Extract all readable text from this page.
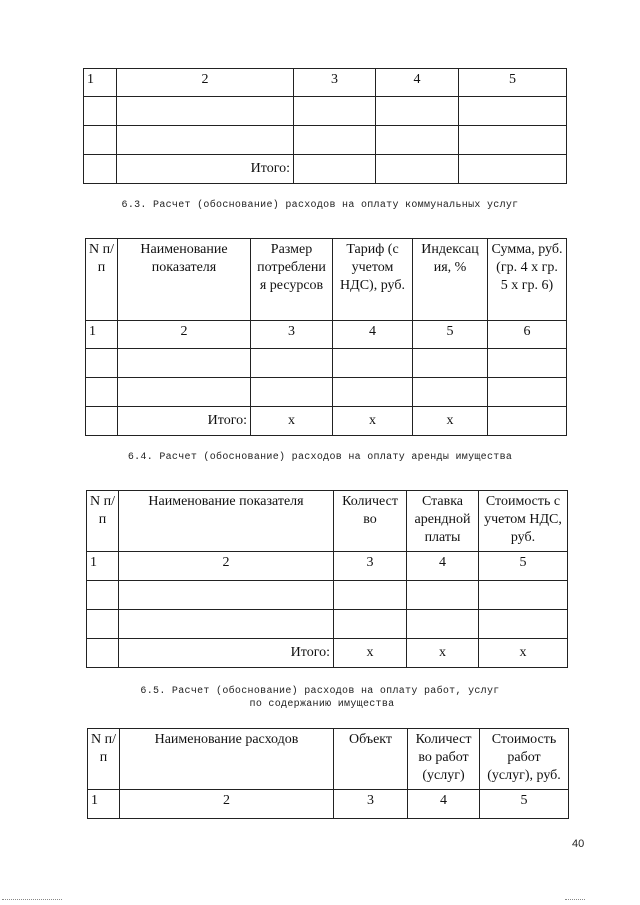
1	2	3	4	5

	Итого:			
6.3. Расчет (обоснование) расходов на оплату коммунальных услуг
N п/п	Наименование показателя	Размер потреблени я ресурсов	Тариф (с учетом НДС), руб.	Индексац ия, %	Сумма, руб. (гр. 4 х гр. 5 х гр. 6)
1	2	3	4	5	6

	Итого:	x	x	x	
6.4. Расчет (обоснование) расходов на оплату аренды имущества
N п/п	Наименование показателя	Количест во	Ставка арендной платы	Стоимость с учетом НДС, руб.
1	2	3	4	5

	Итого:	x	x	x
6.5. Расчет (обоснование) расходов на оплату работ, услуг
по содержанию имущества
N п/п	Наименование расходов	Объект	Количест во работ (услуг)	Стоимость работ (услуг), руб.
1	2	3	4	5
40
